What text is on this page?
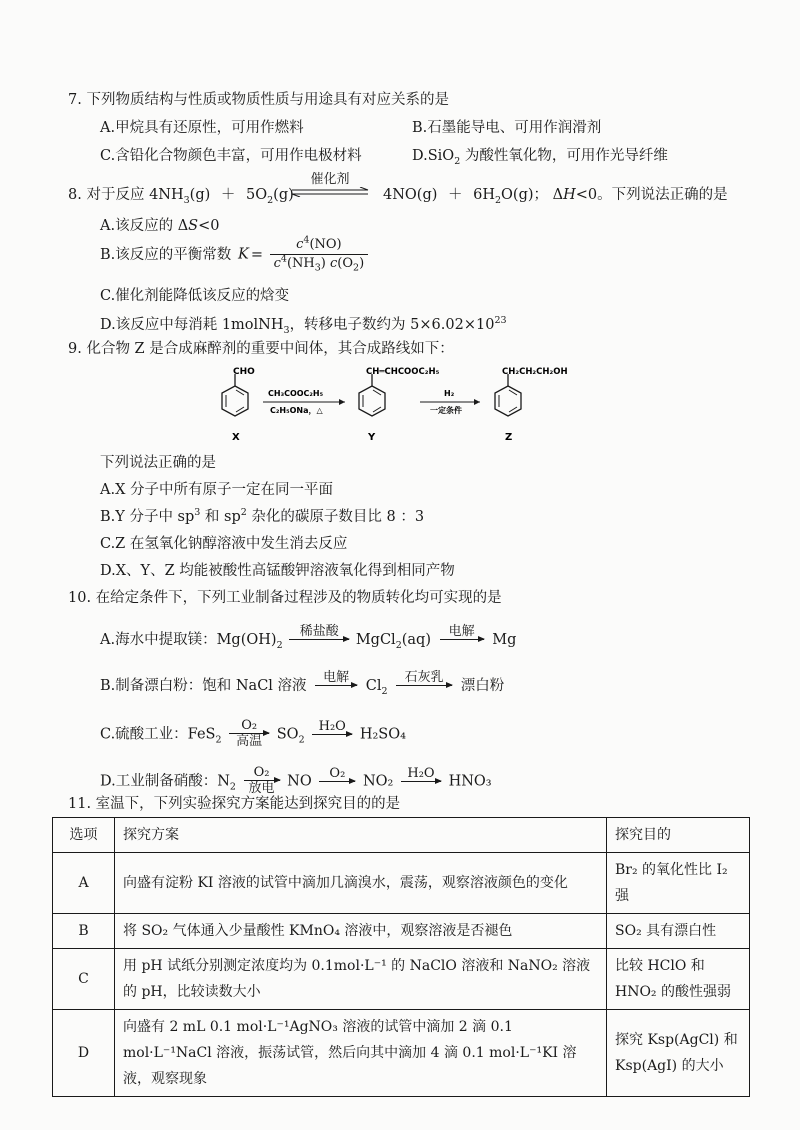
7. 下列物质结构与性质或物质性质与用途具有对应关系的是
A.甲烷具有还原性，可用作燃料	B.石墨能导电、可用作润滑剂
C.含铅化合物颜色丰富，可用作电极材料	D.SiO$_2$ 为酸性氧化物，可用作光导纤维
8. 对于反应 $4NH_3(g) + 5O_2(g)$
催化剂
$4NO(g) + 6H_2O(g)$； ΔH<0。下列说法正确的是
A.该反应的 ΔS<0
B.该反应的平衡常数 $K = \frac{c^4(NO)}{c^4(NH_3) c(O_2)}$
C.催化剂能降低该反应的焓变
D.该反应中每消耗 1molNH$_3$，转移电子数约为 $5\times 6.02\times 10^{23}$
9. 化合物 Z 是合成麻醉剂的重要中间体，其合成路线如下：
CHO
X
CH₃COOC₂H₅
C₂H₅ONa，△
CH═CHCOOC₂H₅
Y
H₂
一定条件
CH₂CH₂CH₂OH
Z
下列说法正确的是
A.X 分子中所有原子一定在同一平面
B.Y 分子中 $sp^3$ 和 $sp^2$ 杂化的碳原子数目比 8 ：3
C.Z 在氢氧化钠醇溶液中发生消去反应
D.X、Y、Z 均能被酸性高锰酸钾溶液氧化得到相同产物
10. 在给定条件下，下列工业制备过程涉及的物质转化均可实现的是
A.海水中提取镁：$Mg(OH)_2$
稀盐酸
MgCl$_2$(aq)
电解
Mg
B.制备漂白粉：饱和 NaCl 溶液
电解
$Cl_2$
石灰乳
漂白粉
C.硫酸工业：FeS$_2$
O₂
高温	$SO_2$
H₂O
H₂SO₄
D.工业制备硝酸：$N_2$
O₂
放电 NO
O₂
NO₂
H₂O
HNO₃
11. 室温下，下列实验探究方案能达到探究目的的是
选项	探究方案	探究目的
A	向盛有淀粉 KI 溶液的试管中滴加几滴溴水，震荡，观察溶液颜色的变化	Br₂ 的氧化性比 I₂ 强
B	将 SO₂ 气体通入少量酸性 KMnO₄ 溶液中，观察溶液是否褪色	SO₂ 具有漂白性
C	用 pH 试纸分别测定浓度均为 0.1mol·L⁻¹ 的 NaClO 溶液和 NaNO₂ 溶液的 pH，比较读数大小	比较 HClO 和 HNO₂ 的酸性强弱
D	向盛有 2 mL 0.1 mol·L⁻¹AgNO₃ 溶液的试管中滴加 2 滴 0.1 mol·L⁻¹NaCl 溶液，振荡试管，然后向其中滴加 4 滴 0.1 mol·L⁻¹KI 溶液，观察现象	探究 Ksp(AgCl) 和 Ksp(AgI) 的大小
